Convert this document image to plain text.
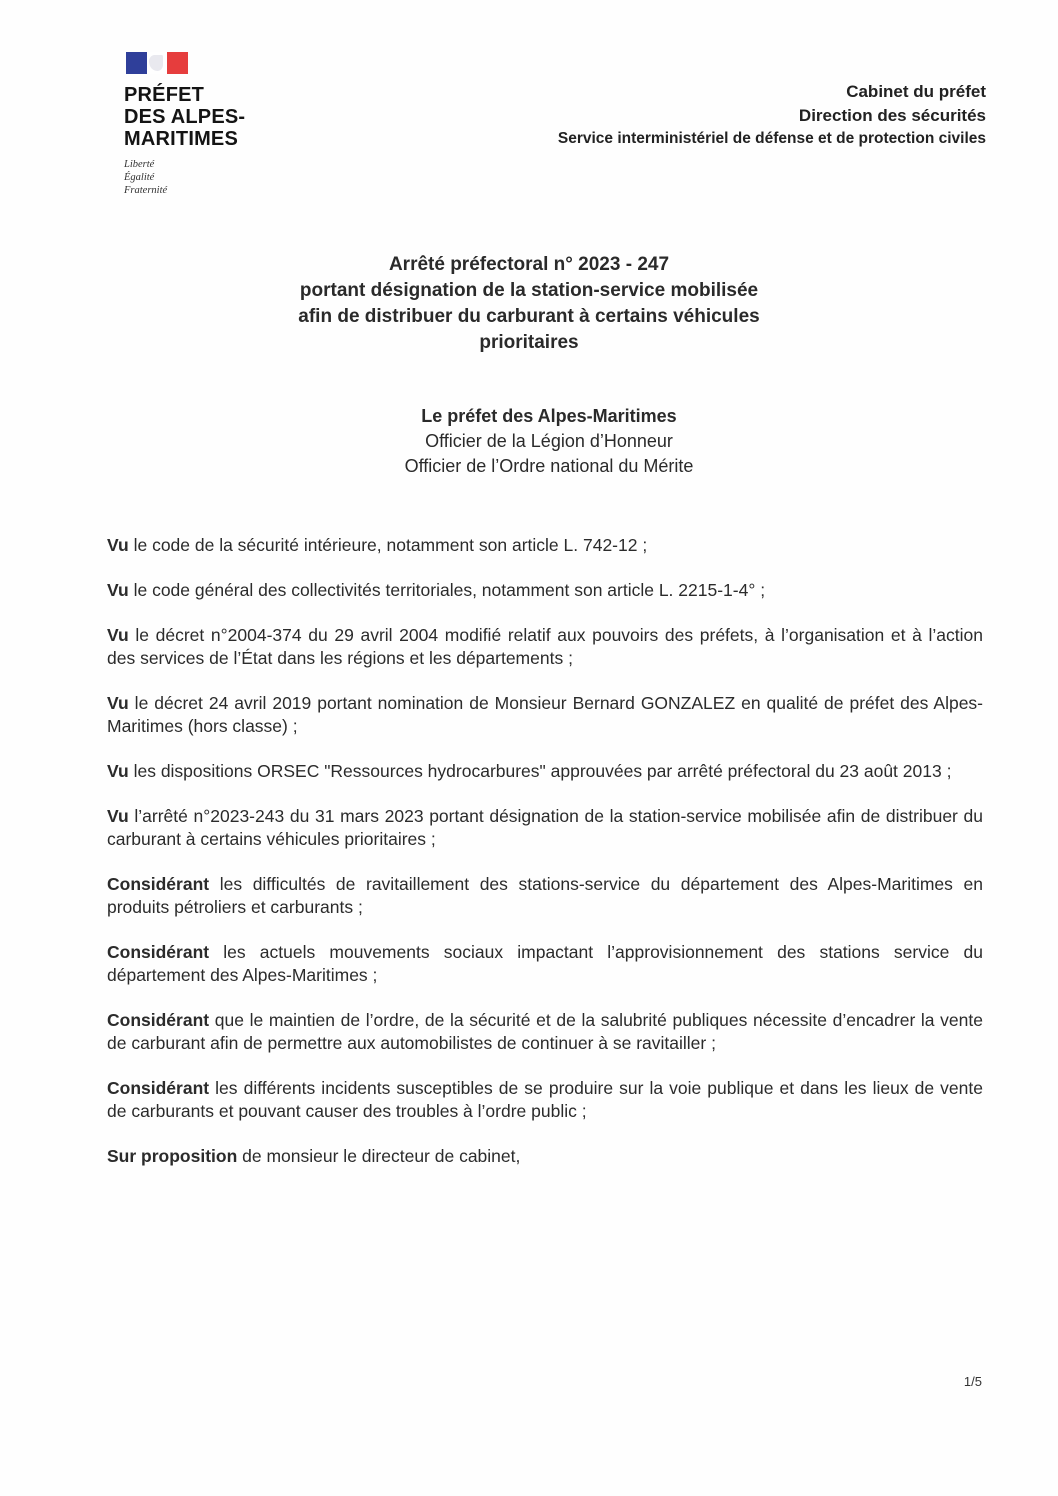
PRÉFET
DES ALPES-
MARITIMES
Liberté
Égalité
Fraternité
Cabinet du préfet
Direction des sécurités
Service interministériel de défense et de protection civiles
Arrêté préfectoral n° 2023 - 247
portant désignation de la station-service mobilisée
afin de distribuer du carburant à certains véhicules
prioritaires
Le préfet des Alpes-Maritimes
Officier de la Légion d’Honneur
Officier de l’Ordre national du Mérite

Vu le code de la sécurité intérieure, notamment son article L. 742-12 ;

Vu le code général des collectivités territoriales, notamment son article L. 2215-1-4° ;

Vu le décret n°2004-374 du 29 avril 2004 modifié relatif aux pouvoirs des préfets, à l’organisation et à l’action des services de l’État dans les régions et les départements ;

Vu le décret 24 avril 2019 portant nomination de Monsieur Bernard GONZALEZ en qualité de préfet des Alpes-Maritimes (hors classe) ;

Vu les dispositions ORSEC "Ressources hydrocarbures" approuvées par arrêté préfectoral du 23 août 2013 ;

Vu l’arrêté n°2023-243 du 31 mars 2023 portant désignation de la station-service mobilisée afin de distribuer du carburant à certains véhicules prioritaires ;

Considérant les difficultés de ravitaillement des stations-service du département des Alpes-Maritimes en produits pétroliers et carburants ;

Considérant les actuels mouvements sociaux impactant l’approvisionnement des stations service du département des Alpes-Maritimes ;

Considérant que le maintien de l’ordre, de la sécurité et de la salubrité publiques nécessite d’encadrer la vente de carburant afin de permettre aux automobilistes de continuer à se ravitailler ;

Considérant les différents incidents susceptibles de se produire sur la voie publique et dans les lieux de vente de carburants et pouvant causer des troubles à l’ordre public ;

Sur proposition de monsieur le directeur de cabinet,

1/5
